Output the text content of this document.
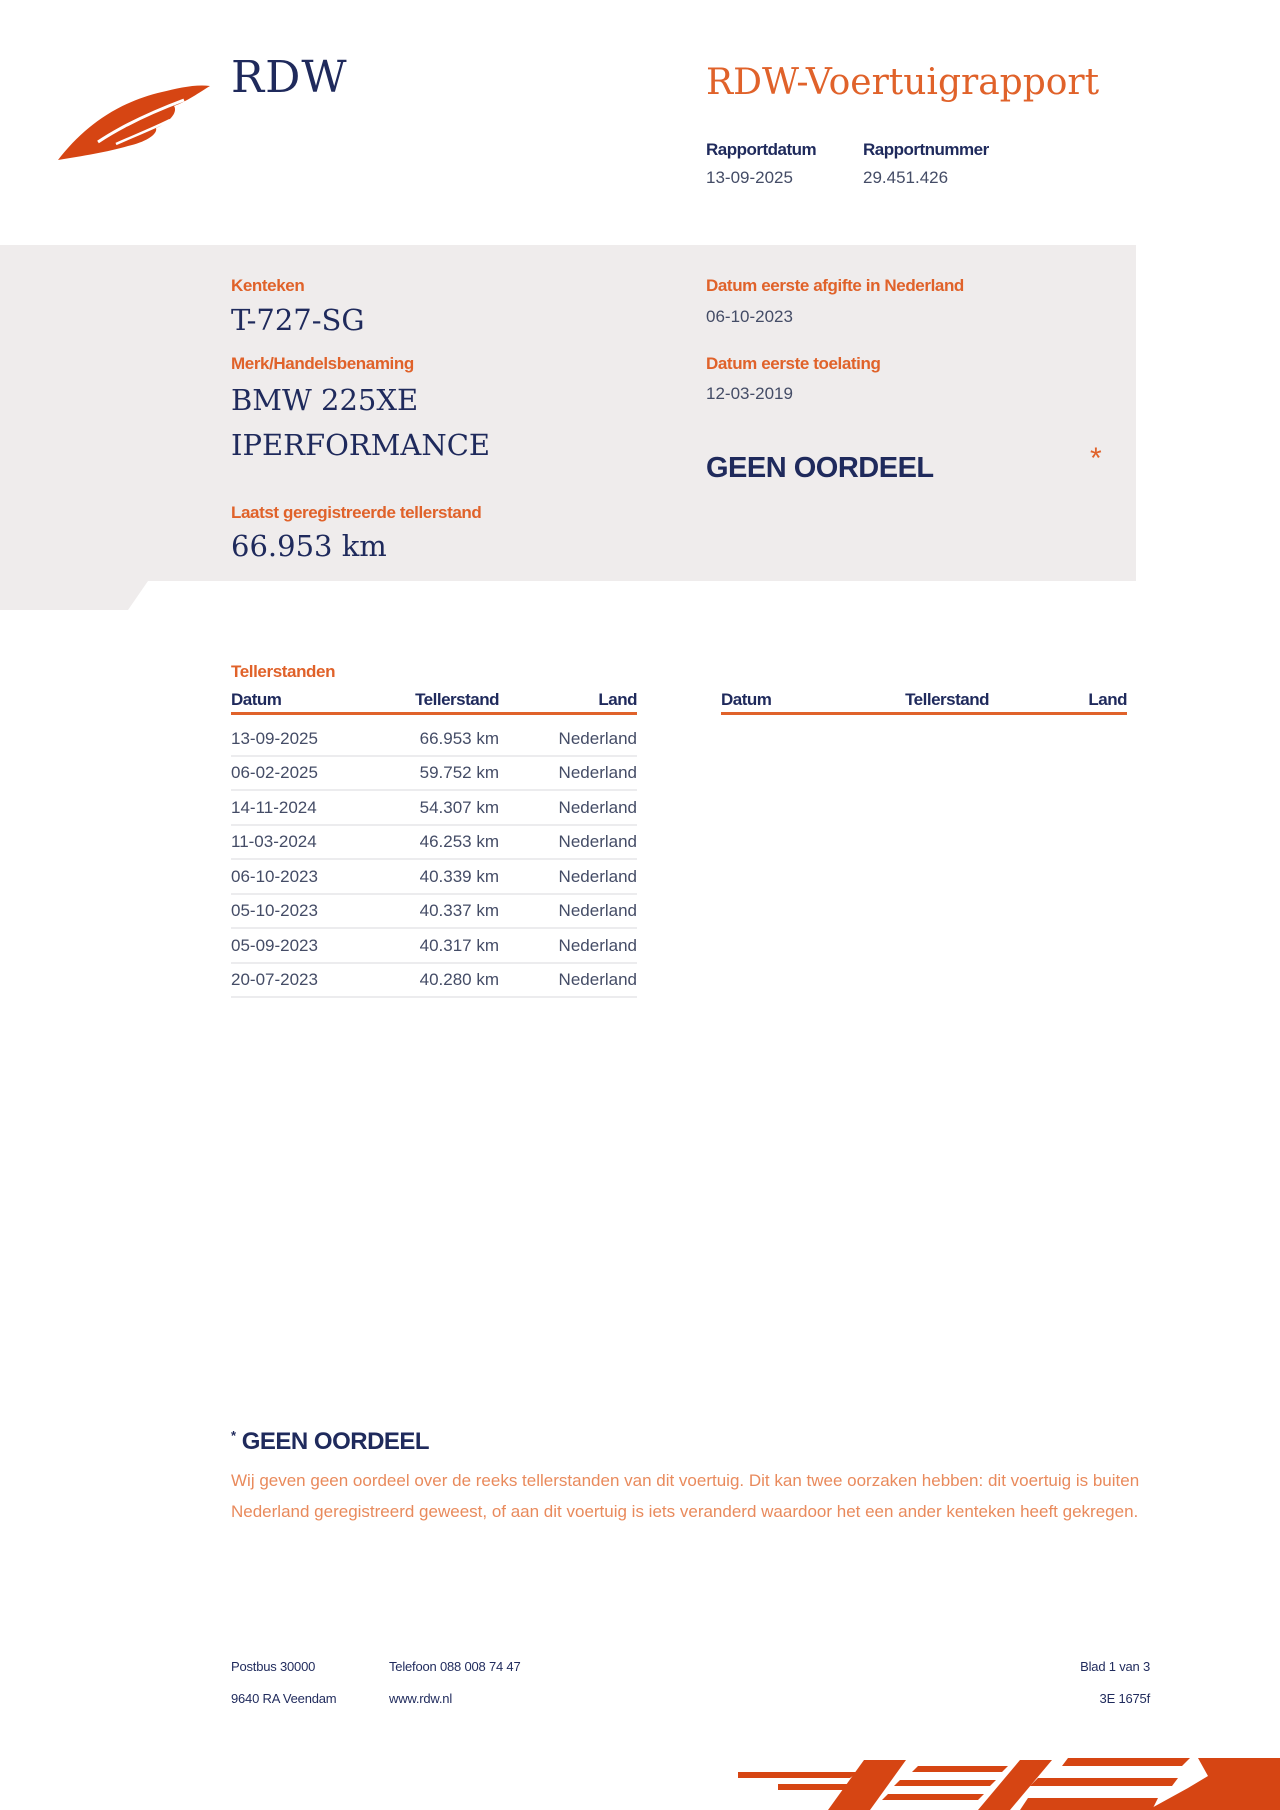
RDW	RDW-Voertuigrapport
Rapportdatum
13-09-2025
Rapportnummer
29.451.426
Kenteken
T-727-SG
Merk/Handelsbenaming
BMW 225XE
IPERFORMANCE
Laatst geregistreerde tellerstand
66.953 km
Datum eerste afgifte in Nederland
06-10-2023
Datum eerste toelating
12-03-2019
GEEN OORDEEL	*
Tellerstanden
Datum	Tellerstand	Land	Datum	Tellerstand	Land
13-09-2025	66.953 km	Nederland
06-02-2025	59.752 km	Nederland
14-11-2024	54.307 km	Nederland
11-03-2024	46.253 km	Nederland
06-10-2023	40.339 km	Nederland
05-10-2023	40.337 km	Nederland
05-09-2023	40.317 km	Nederland
20-07-2023	40.280 km	Nederland
* GEEN OORDEEL
Wij geven geen oordeel over de reeks tellerstanden van dit voertuig. Dit kan twee oorzaken hebben: dit voertuig is buiten Nederland geregistreerd geweest, of aan dit voertuig is iets veranderd waardoor het een ander kenteken heeft gekregen.
Postbus 30000
9640 RA Veendam
Telefoon 088 008 74 47
www.rdw.nl
Blad 1 van 3
3E 1675f
